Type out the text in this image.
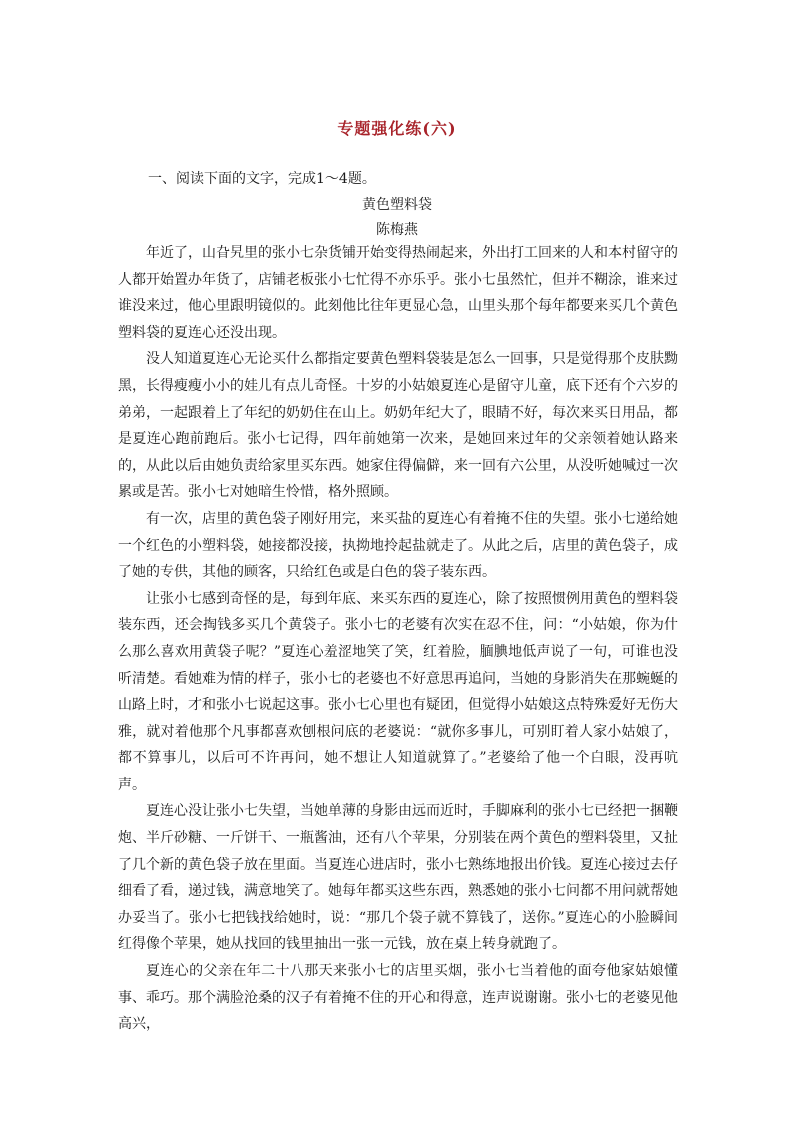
专题强化练(六)
一、阅读下面的文字，完成1～4题。
黄色塑料袋
陈梅燕

年近了，山旮旯里的张小七杂货铺开始变得热闹起来，外出打工回来的人和本村留守的人都开始置办年货了，店铺老板张小七忙得不亦乐乎。张小七虽然忙，但并不糊涂，谁来过谁没来过，他心里跟明镜似的。此刻他比往年更显心急，山里头那个每年都要来买几个黄色塑料袋的夏连心还没出现。

没人知道夏连心无论买什么都指定要黄色塑料袋装是怎么一回事，只是觉得那个皮肤黝黑，长得瘦瘦小小的娃儿有点儿奇怪。十岁的小姑娘夏连心是留守儿童，底下还有个六岁的弟弟，一起跟着上了年纪的奶奶住在山上。奶奶年纪大了，眼睛不好，每次来买日用品，都是夏连心跑前跑后。张小七记得，四年前她第一次来，是她回来过年的父亲领着她认路来的，从此以后由她负责给家里买东西。她家住得偏僻，来一回有六公里，从没听她喊过一次累或是苦。张小七对她暗生怜惜，格外照顾。

有一次，店里的黄色袋子刚好用完，来买盐的夏连心有着掩不住的失望。张小七递给她一个红色的小塑料袋，她接都没接，执拗地拎起盐就走了。从此之后，店里的黄色袋子，成了她的专供，其他的顾客，只给红色或是白色的袋子装东西。

让张小七感到奇怪的是，每到年底、来买东西的夏连心，除了按照惯例用黄色的塑料袋装东西，还会掏钱多买几个黄袋子。张小七的老婆有次实在忍不住，问：“小姑娘，你为什么那么喜欢用黄袋子呢？”夏连心羞涩地笑了笑，红着脸，腼腆地低声说了一句，可谁也没听清楚。看她难为情的样子，张小七的老婆也不好意思再追问，当她的身影消失在那蜿蜒的山路上时，才和张小七说起这事。张小七心里也有疑团，但觉得小姑娘这点特殊爱好无伤大雅，就对着他那个凡事都喜欢刨根问底的老婆说：“就你多事儿，可别盯着人家小姑娘了，都不算事儿，以后可不许再问，她不想让人知道就算了。”老婆给了他一个白眼，没再吭声。

夏连心没让张小七失望，当她单薄的身影由远而近时，手脚麻利的张小七已经把一捆鞭炮、半斤砂糖、一斤饼干、一瓶酱油，还有八个苹果，分别装在两个黄色的塑料袋里，又扯了几个新的黄色袋子放在里面。当夏连心进店时，张小七熟练地报出价钱。夏连心接过去仔细看了看，递过钱，满意地笑了。她每年都买这些东西，熟悉她的张小七问都不用问就帮她办妥当了。张小七把钱找给她时，说：“那几个袋子就不算钱了，送你。”夏连心的小脸瞬间红得像个苹果，她从找回的钱里抽出一张一元钱，放在桌上转身就跑了。

夏连心的父亲在年二十八那天来张小七的店里买烟，张小七当着他的面夸他家姑娘懂事、乖巧。那个满脸沧桑的汉子有着掩不住的开心和得意，连声说谢谢。张小七的老婆见他高兴，
